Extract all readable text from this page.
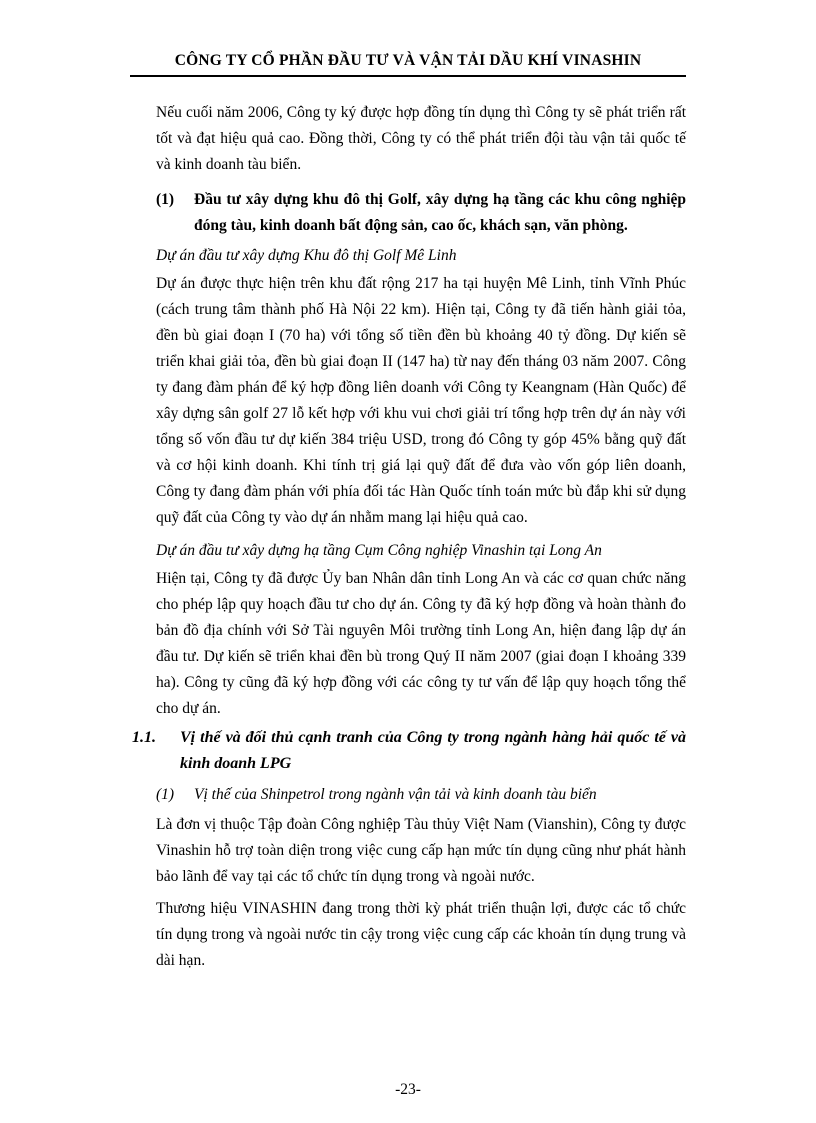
CÔNG TY CỔ PHẦN ĐẦU TƯ VÀ VẬN TẢI DẦU KHÍ VINASHIN
Nếu cuối năm 2006, Công ty ký được hợp đồng tín dụng thì Công ty sẽ phát triển rất tốt và đạt hiệu quả cao. Đồng thời, Công ty có thể phát triển đội tàu vận tải quốc tế và kinh doanh tàu biển.
(1) Đầu tư xây dựng khu đô thị Golf, xây dựng hạ tầng các khu công nghiệp đóng tàu, kinh doanh bất động sản, cao ốc, khách sạn, văn phòng.
Dự án đầu tư xây dựng Khu đô thị Golf Mê Linh
Dự án được thực hiện trên khu đất rộng 217 ha tại huyện Mê Linh, tỉnh Vĩnh Phúc (cách trung tâm thành phố Hà Nội 22 km). Hiện tại, Công ty đã tiến hành giải tỏa, đền bù giai đoạn I (70 ha) với tổng số tiền đền bù khoảng 40 tỷ đồng. Dự kiến sẽ triển khai giải tỏa, đền bù giai đoạn II (147 ha) từ nay đến tháng 03 năm 2007. Công ty đang đàm phán để ký hợp đồng liên doanh với Công ty Keangnam (Hàn Quốc) để xây dựng sân golf 27 lỗ kết hợp với khu vui chơi giải trí tổng hợp trên dự án này với tổng số vốn đầu tư dự kiến 384 triệu USD, trong đó Công ty góp 45% bằng quỹ đất và cơ hội kinh doanh. Khi tính trị giá lại quỹ đất để đưa vào vốn góp liên doanh, Công ty đang đàm phán với phía đối tác Hàn Quốc tính toán mức bù đắp khi sử dụng quỹ đất của Công ty vào dự án nhằm mang lại hiệu quả cao.
Dự án đầu tư xây dựng hạ tầng Cụm Công nghiệp Vinashin tại Long An
Hiện tại, Công ty đã được Ủy ban Nhân dân tỉnh Long An và các cơ quan chức năng cho phép lập quy hoạch đầu tư cho dự án. Công ty đã ký hợp đồng và hoàn thành đo bản đồ địa chính với Sở Tài nguyên Môi trường tỉnh Long An, hiện đang lập dự án đầu tư. Dự kiến sẽ triển khai đền bù trong Quý II năm 2007 (giai đoạn I khoảng 339 ha). Công ty cũng đã ký hợp đồng với các công ty tư vấn để lập quy hoạch tổng thể cho dự án.
1.1. Vị thế và đối thủ cạnh tranh của Công ty trong ngành hàng hải quốc tế và kinh doanh LPG
(1) Vị thế của Shinpetrol trong ngành vận tải và kinh doanh tàu biển
Là đơn vị thuộc Tập đoàn Công nghiệp Tàu thủy Việt Nam (Vianshin), Công ty được Vinashin hỗ trợ toàn diện trong việc cung cấp hạn mức tín dụng cũng như phát hành bảo lãnh để vay tại các tổ chức tín dụng trong và ngoài nước.
Thương hiệu VINASHIN đang trong thời kỳ phát triển thuận lợi, được các tổ chức tín dụng trong và ngoài nước tin cậy trong việc cung cấp các khoản tín dụng trung và dài hạn.
-23-
